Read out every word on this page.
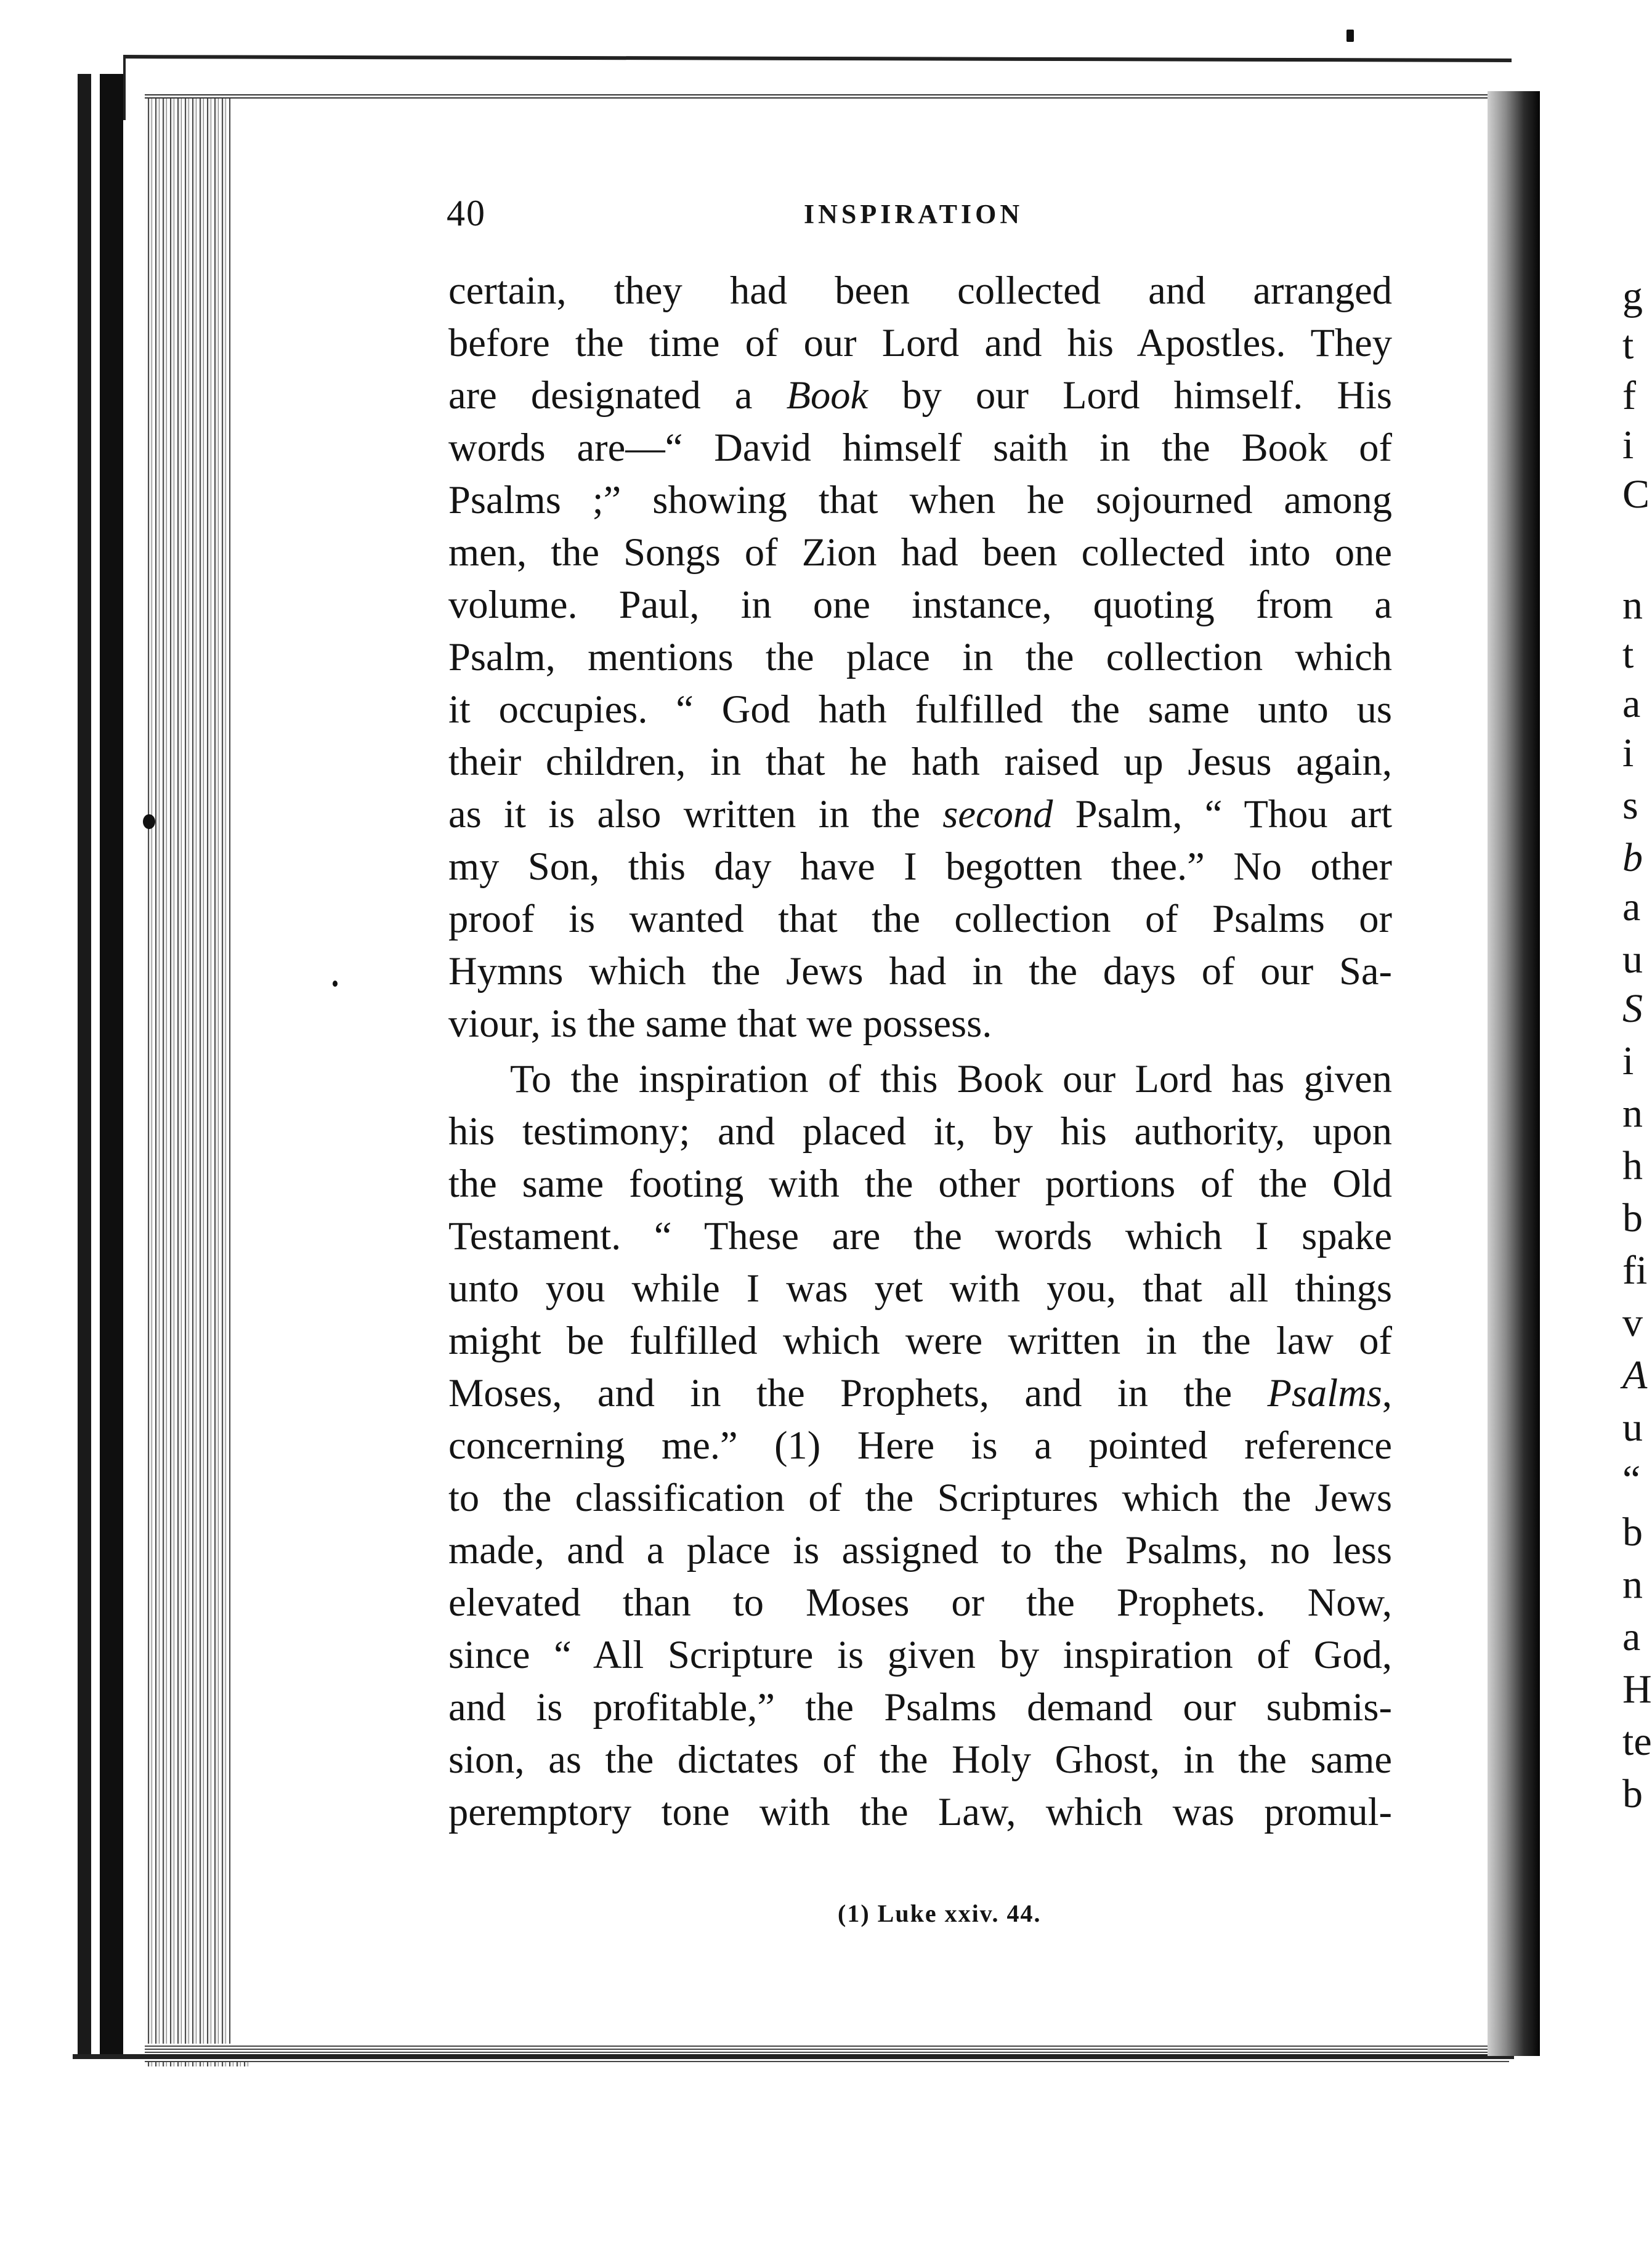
40	INSPIRATION
certain, they had been collected and arranged
before the time of our Lord and his Apostles. They
are designated a Book by our Lord himself. His
words are—“ David himself saith in the Book of
Psalms ;” showing that when he sojourned among
men, the Songs of Zion had been collected into one
volume. Paul, in one instance, quoting from a
Psalm, mentions the place in the collection which
it occupies. “ God hath fulfilled the same unto us
their children, in that he hath raised up Jesus again,
as it is also written in the second Psalm, “ Thou art
my Son, this day have I begotten thee.” No other
proof is wanted that the collection of Psalms or
Hymns which the Jews had in the days of our Sa-
viour, is the same that we possess.
To the inspiration of this Book our Lord has given
his testimony; and placed it, by his authority, upon
the same footing with the other portions of the Old
Testament. “ These are the words which I spake
unto you while I was yet with you, that all things
might be fulfilled which were written in the law of
Moses, and in the Prophets, and in the Psalms,
concerning me.” (1) Here is a pointed reference
to the classification of the Scriptures which the Jews
made, and a place is assigned to the Psalms, no less
elevated than to Moses or the Prophets. Now,
since “ All Scripture is given by inspiration of God,
and is profitable,” the Psalms demand our submis-
sion, as the dictates of the Holy Ghost, in the same
peremptory tone with the Law, which was promul-
(1) Luke xxiv. 44.
g
t
f
i
C
n
t
a
i
s
b
a
u
S
i
n
h
b
fi
v
A
u
“
b
n
a
H
te
b
